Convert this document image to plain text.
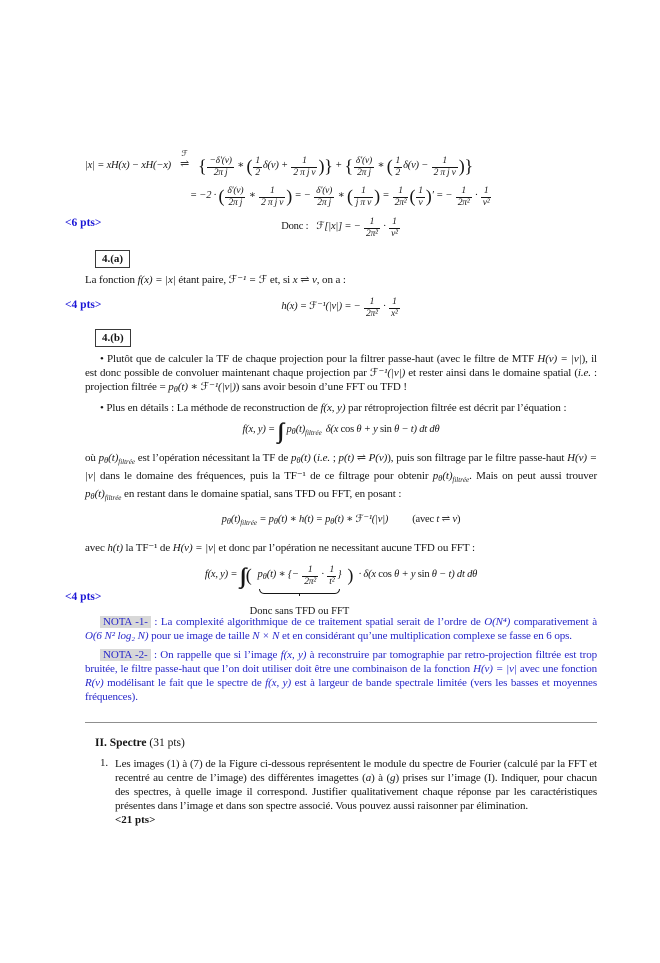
|x| = xH(x) − xH(−x)
ℱ
⇌ { $\frac{-\delta'(\nu)}{\text{2π j}}$ ∗ ( $\frac{1}{2} \delta(\nu) + \frac{1}{\text{2 π j ν}}$ )} + { $\frac{\delta'(\nu)}{\text{2π j}}$ ∗ ( $\frac{1}{2} \delta(\nu) - \frac{1}{\text{2 π j ν}}$ )}
= −2 · ( $\frac{\delta'(\nu)}{\text{2π j}}$ ∗ $\frac{1}{\text{2 π j ν}}$ ) = − $\frac{\delta'(\nu)}{\text{2π j}}$ ∗ ( $\frac{1}{\text{j π ν}}$ ) = $\frac{1}{\text{2π²}}$ ( $\frac{1}{\nu}$ )′ = − $\frac{1}{\text{2π²}} \cdot \frac{1}{\text{ν²}}$
<6 pts>	Donc : ℱ[|x|] = − $\frac{1}{\text{2π²}} \cdot \frac{1}{\text{ν²}}$
4.(a)

La fonction f(x) = |x| étant paire, ℱ⁻¹ = ℱ et, si x ⇌ ν, on a :

<4 pts>	h(x) = ℱ⁻¹(|ν|) = − $\frac{1}{\text{2π²}} \cdot \frac{1}{\text{x²}}$
4.(b)

• Plutôt que de calculer la TF de chaque projection pour la filtrer passe-haut (avec le filtre de MTF H(ν) = |ν|), il est donc possible de convoluer maintenant chaque projection par ℱ⁻¹(|ν|) et rester ainsi dans le domaine spatial (i.e. : projection filtrée = pθ(t) ∗ ℱ⁻¹(|ν|)) sans avoir besoin d’une FFT ou TFD !

• Plus en détails : La méthode de reconstruction de f(x, y) par rétroprojection filtrée est décrit par l’équation :

f(x, y) = ∫∫ $p\theta(t)_{filtrée}$ δ(x cos θ + y sin θ − t) dt dθ

où $p\theta(t)_{filtrée}$ est l’opération nécessitant la TF de pθ(t) (i.e. ; p(t) ⇌ P(ν)), puis son filtrage par le filtre passe-haut H(ν) = |ν| dans le domaine des fréquences, puis la TF⁻¹ de ce filtrage pour obtenir $p\theta(t)_{filtrée}$. Mais on peut aussi trouver $p\theta(t)_{filtrée}$ en restant dans le domaine spatial, sans TFD ou FFT, en posant :

$p\theta(t)_{filtrée} = p\theta(t)$ ∗ h(t) = pθ(t) ∗ ℱ⁻¹(|ν|) (avec t ⇌ ν)

avec h(t) la TF⁻¹ de H(ν) = |ν| et donc par l’opération ne necessitant aucune TFD ou FFT :

<4 pts>
f(x, y) = ∫∫ ( pθ(t) ∗ {− $\frac{1}{\text{2π²}} \cdot \frac{1}{\text{t²}}$ }
Donc sans TFD ou FFT
) · δ(x cos θ + y sin θ − t) dt dθ

NOTA -1- : La complexité algorithmique de ce traitement spatial serait de l’ordre de O(N⁴) comparativement à O(6 N² log₂ N) pour ue image de taille N × N et en considérant qu’une multiplication complexe se fasse en 6 ops.

NOTA -2- : On rappelle que si l’image f(x, y) à reconstruire par tomographie par retro-projection filtrée est trop bruitée, le filtre passe-haut que l’on doit utiliser doit être une combinaison de la fonction H(ν) = |ν| avec une fonction R(ν) modélisant le fait que le spectre de f(x, y) est à largeur de bande spectrale limitée (vers les basses et moyennes fréquences).

II. Spectre (31 pts)
1. Les images (1) à (7) de la Figure ci-dessous représentent le module du spectre de Fourier (calculé par la FFT et recentré au centre de l’image) des différentes imagettes (a) à (g) prises sur l’image (I). Indiquer, pour chacun des spectres, à quelle image il correspond. Justifier qualitativement chaque réponse par les caractéristiques présentes dans l’image et dans son spectre associé. Vous pouvez aussi raisonner par élimination.

<21 pts>
